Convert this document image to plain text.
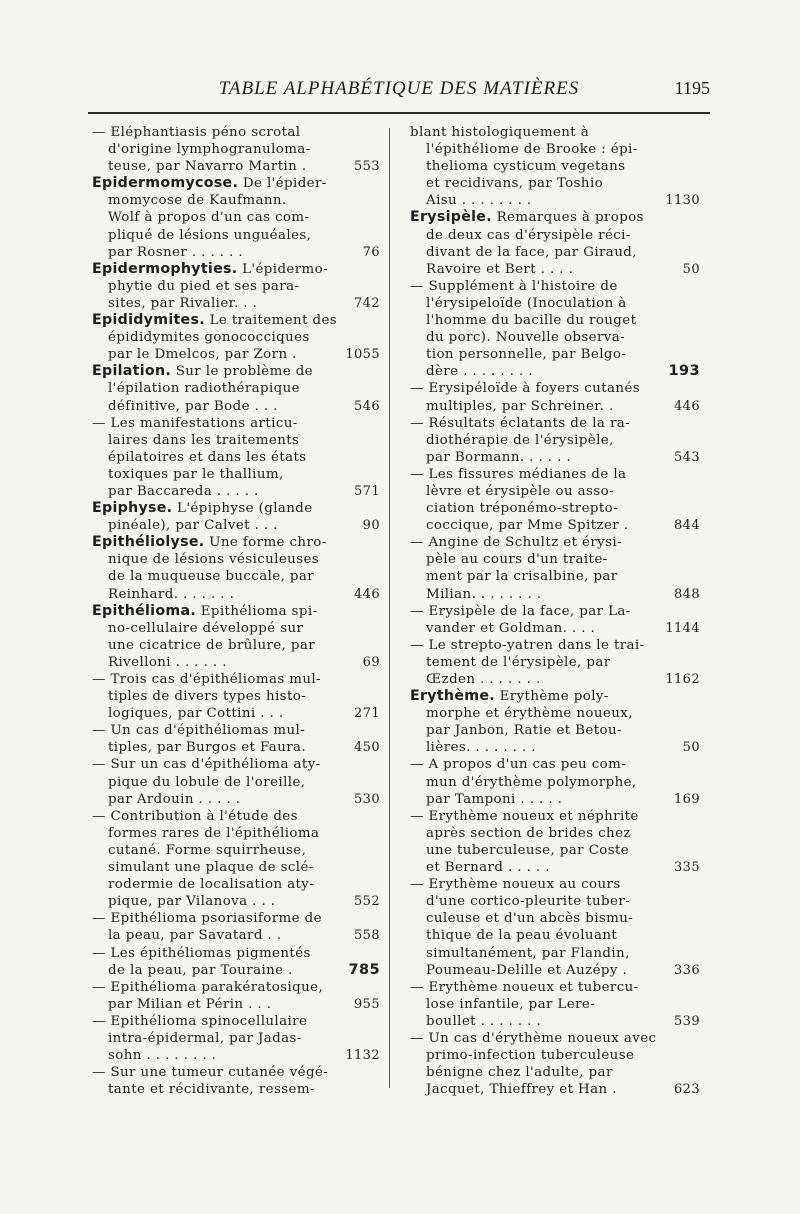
TABLE ALPHABÉTIQUE DES MATIÈRES	1195
— Eléphantiasis péno scrotal
d'origine lymphogranuloma-
teuse, par Navarro Martin .	553
Epidermomycose. De l'épider-
momycose de Kaufmann.
Wolf à propos d'un cas com-
pliqué de lésions unguéales,
par Rosner . . . . . .	76
Epidermophyties. L'épidermo-
phytie du pied et ses para-
sites, par Rivalier. . .	742
Epididymites. Le traitement des
épididymites gonococciques
par le Dmelcos, par Zorn .	1055
Epilation. Sur le problème de
l'épilation radiothérapique
définitive, par Bode . . .	546
— Les manifestations articu-
laires dans les traitements
épilatoires et dans les états
toxiques par le thallium,
par Baccareda . . . . .	571
Epiphyse. L'épiphyse (glande
pinéale), par Calvet . . .	90
Epithéliolyse. Une forme chro-
nique de lésions vésiculeuses
de la muqueuse buccale, par
Reinhard. . . . . . .	446
Epithélioma. Epithélioma spi-
no-cellulaire développé sur
une cicatrice de brûlure, par
Rivelloni . . . . . .	69
— Trois cas d'épithéliomas mul-
tiples de divers types histo-
logiques, par Cottini . . .	271
— Un cas d'épithéliomas mul-
tiples, par Burgos et Faura.	450
— Sur un cas d'épithélioma aty-
pique du lobule de l'oreille,
par Ardouin . . . . .	530
— Contribution à l'étude des
formes rares de l'épithélioma
cutané. Forme squirrheuse,
simulant une plaque de sclé-
rodermie de localisation aty-
pique, par Vilanova . . .	552
— Epithélioma psoriasiforme de
la peau, par Savatard . .	558
— Les épithéliomas pigmentés
de la peau, par Touraine .	785
— Epithélioma parakératosique,
par Milian et Périn . . .	955
— Epithélioma spinocellulaire
intra-épidermal, par Jadas-
sohn . . . . . . . .	1132
— Sur une tumeur cutanée végé-
tante et récidivante, ressem-
blant histologiquement à
l'épithéliome de Brooke : épi-
thelioma cysticum vegetans
et recidivans, par Toshio
Aisu . . . . . . . .	1130
Erysipèle. Remarques à propos
de deux cas d'érysipèle réci-
divant de la face, par Giraud,
Ravoire et Bert . . . .	50
— Supplément à l'histoire de
l'érysipeloïde (Inoculation à
l'homme du bacille du rouget
du porc). Nouvelle observa-
tion personnelle, par Belgo-
dère . . . . . . . .	193
— Erysipéloïde à foyers cutanés
multiples, par Schreiner. .	446
— Résultats éclatants de la ra-
diothérapie de l'érysipèle,
par Bormann. . . . . .	543
— Les fissures médianes de la
lèvre et érysipèle ou asso-
ciation tréponémo-strepto-
coccique, par Mme Spitzer .	844
— Angine de Schultz et érysi-
pèle au cours d'un traite-
ment par la crisalbine, par
Milian. . . . . . . .	848
— Erysipèle de la face, par La-
vander et Goldman. . . .	1144
— Le strepto-yatren dans le trai-
tement de l'érysipèle, par
Œzden . . . . . . .	1162
Erythème. Erythème poly-
morphe et érythème noueux,
par Janbon, Ratie et Betou-
lières. . . . . . . .	50
— A propos d'un cas peu com-
mun d'érythème polymorphe,
par Tamponi . . . . .	169
— Erythème noueux et néphrite
après section de brides chez
une tuberculeuse, par Coste
et Bernard . . . . .	335
— Erythème noueux au cours
d'une cortico-pleurite tuber-
culeuse et d'un abcès bismu-
thique de la peau évoluant
simultanément, par Flandin,
Poumeau-Delille et Auzépy .	336
— Erythème noueux et tubercu-
lose infantile, par Lere-
boullet . . . . . . .	539
— Un cas d'érythème noueux avec
primo-infection tuberculeuse
bénigne chez l'adulte, par
Jacquet, Thieffrey et Han .	623
